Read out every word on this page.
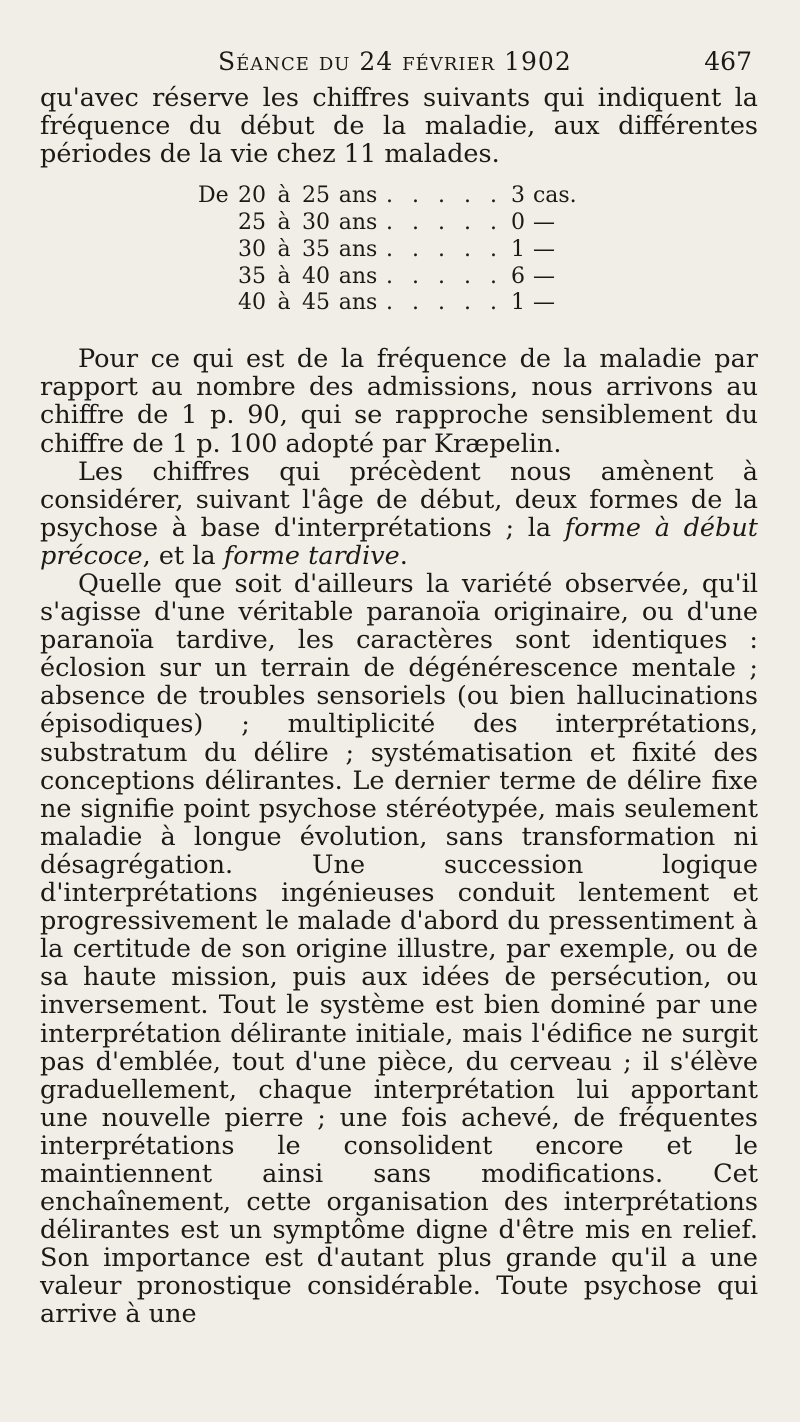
Séance du 24 février 1902	467

qu'avec réserve les chiffres suivants qui indiquent la fréquence du début de la maladie, aux différentes périodes de la vie chez 11 malades.

De	20	à	25	ans	. . . . .	3	cas.
	25	à	30	ans	. . . . .	0	—
	30	à	35	ans	. . . . .	1	—
	35	à	40	ans	. . . . .	6	—
	40	à	45	ans	. . . . .	1	—

Pour ce qui est de la fréquence de la maladie par rapport au nombre des admissions, nous arrivons au chiffre de 1 p. 90, qui se rapproche sensiblement du chiffre de 1 p. 100 adopté par Kræpelin.

Les chiffres qui précèdent nous amènent à considérer, suivant l'âge de début, deux formes de la psychose à base d'interprétations ; la forme à début précoce, et la forme tardive.

Quelle que soit d'ailleurs la variété observée, qu'il s'agisse d'une véritable paranoïa originaire, ou d'une paranoïa tardive, les caractères sont identiques : éclosion sur un terrain de dégénérescence mentale ; absence de troubles sensoriels (ou bien hallucinations épisodiques) ; multiplicité des interprétations, substratum du délire ; systématisation et fixité des conceptions délirantes. Le dernier terme de délire fixe ne signifie point psychose stéréotypée, mais seulement maladie à longue évolution, sans transformation ni désagrégation. Une succession logique d'interprétations ingénieuses conduit lentement et progressivement le malade d'abord du pressentiment à la certitude de son origine illustre, par exemple, ou de sa haute mission, puis aux idées de persécution, ou inversement. Tout le système est bien dominé par une interprétation délirante initiale, mais l'édifice ne surgit pas d'emblée, tout d'une pièce, du cerveau ; il s'élève graduellement, chaque interprétation lui apportant une nouvelle pierre ; une fois achevé, de fréquentes interprétations le consolident encore et le maintiennent ainsi sans modifications. Cet enchaînement, cette organisation des interprétations délirantes est un symptôme digne d'être mis en relief. Son importance est d'autant plus grande qu'il a une valeur pronostique considérable. Toute psychose qui arrive à une
